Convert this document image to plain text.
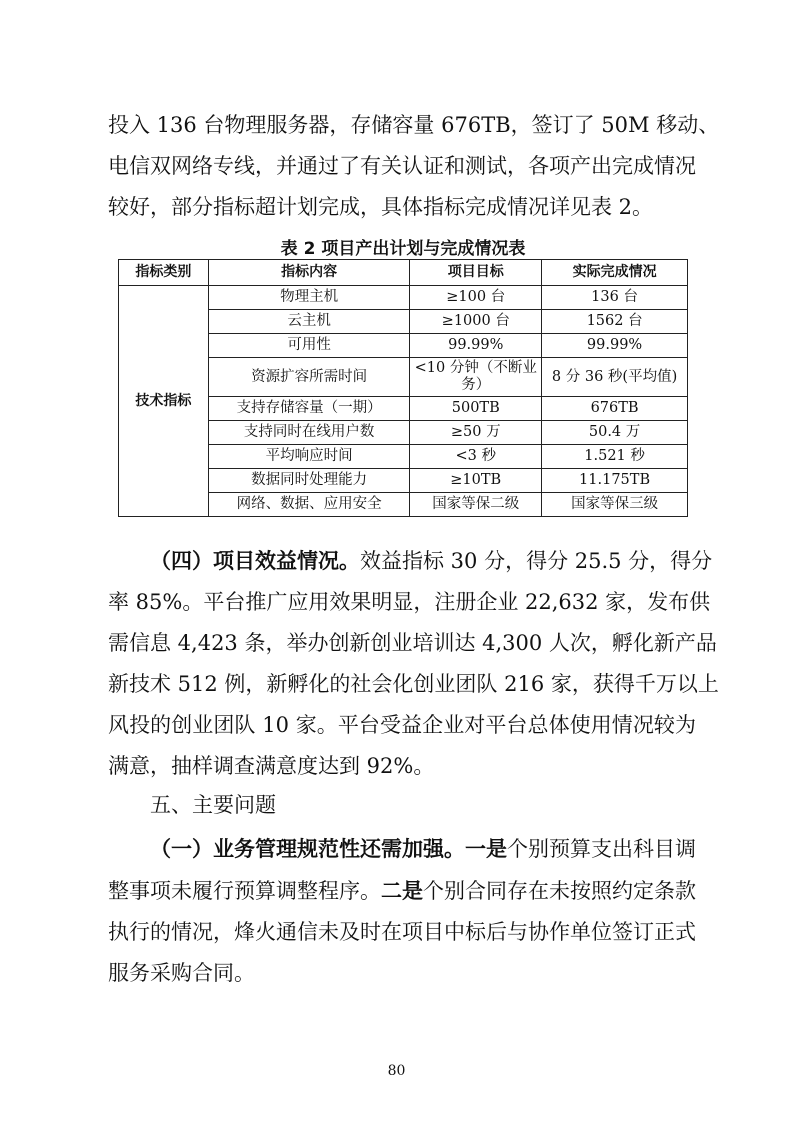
投入 136 台物理服务器，存储容量 676TB，签订了 50M 移动、
电信双网络专线，并通过了有关认证和测试，各项产出完成情况
较好，部分指标超计划完成，具体指标完成情况详见表 2。
表 2 项目产出计划与完成情况表
指标类别	指标内容	项目目标	实际完成情况
技术指标	物理主机	≥100 台	136 台
	云主机	≥1000 台	1562 台
	可用性	99.99%	99.99%
	资源扩容所需时间	<10 分钟（不断业务）	8 分 36 秒(平均值)
	支持存储容量（一期）	500TB	676TB
	支持同时在线用户数	≥50 万	50.4 万
	平均响应时间	<3 秒	1.521 秒
	数据同时处理能力	≥10TB	11.175TB
	网络、数据、应用安全	国家等保二级	国家等保三级
（四）项目效益情况。效益指标 30 分，得分 25.5 分，得分
率 85%。平台推广应用效果明显，注册企业 22,632 家，发布供
需信息 4,423 条，举办创新创业培训达 4,300 人次，孵化新产品
新技术 512 例，新孵化的社会化创业团队 216 家，获得千万以上
风投的创业团队 10 家。平台受益企业对平台总体使用情况较为
满意，抽样调查满意度达到 92%。
五、主要问题
（一）业务管理规范性还需加强。一是个别预算支出科目调
整事项未履行预算调整程序。二是个别合同存在未按照约定条款
执行的情况，烽火通信未及时在项目中标后与协作单位签订正式
服务采购合同。
80
